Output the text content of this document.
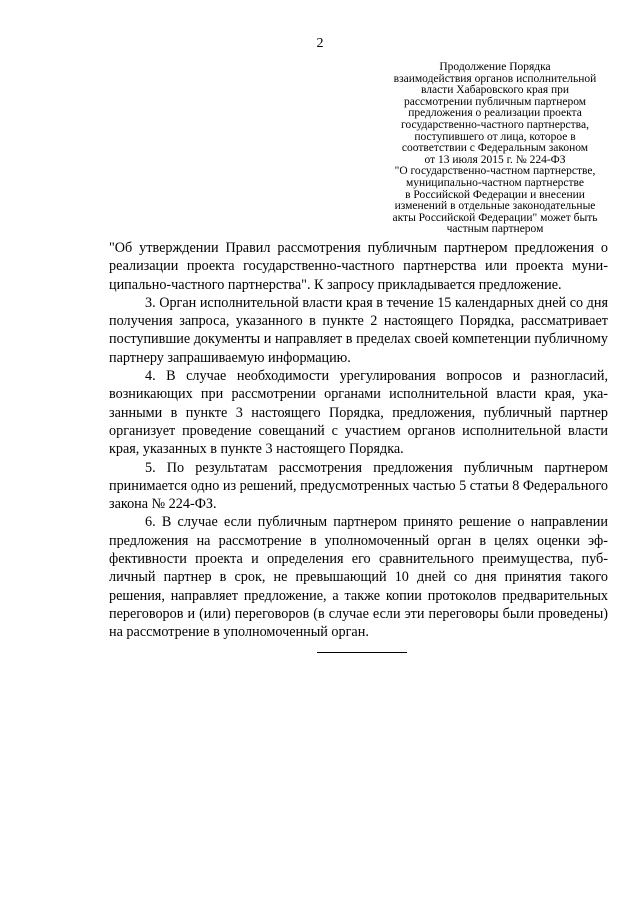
2
Продолжение Порядка
взаимодействия органов исполнительной
власти Хабаровского края при
рассмотрении публичным партнером
предложения о реализации проекта
государственно-частного партнерства,
поступившего от лица, которое в
соответствии с Федеральным законом
от 13 июля 2015 г. № 224-ФЗ
"О государственно-частном партнерстве,
муниципально-частном партнерстве
в Российской Федерации и внесении
изменений в отдельные законодательные
акты Российской Федерации" может быть
частным партнером

"Об утверждении Правил рассмотрения публичным партнером предложения о реализации проекта государственно-частного партнерства или проекта муниципально-частного партнерства". К запросу прикладывается предложение.

3. Орган исполнительной власти края в течение 15 календарных дней со дня получения запроса, указанного в пункте 2 настоящего Порядка, рассматривает поступившие документы и направляет в пределах своей компетенции публичному партнеру запрашиваемую информацию.

4. В случае необходимости урегулирования вопросов и разногласий, возникающих при рассмотрении органами исполнительной власти края, указанными в пункте 3 настоящего Порядка, предложения, публичный партнер организует проведение совещаний с участием органов исполнительной власти края, указанных в пункте 3 настоящего Порядка.

5. По результатам рассмотрения предложения публичным партнером принимается одно из решений, предусмотренных частью 5 статьи 8 Федерального закона № 224-ФЗ.

6. В случае если публичным партнером принято решение о направлении предложения на рассмотрение в уполномоченный орган в целях оценки эффективности проекта и определения его сравнительного преимущества, публичный партнер в срок, не превышающий 10 дней со дня принятия такого решения, направляет предложение, а также копии протоколов предварительных переговоров и (или) переговоров (в случае если эти переговоры были проведены) на рассмотрение в уполномоченный орган.
